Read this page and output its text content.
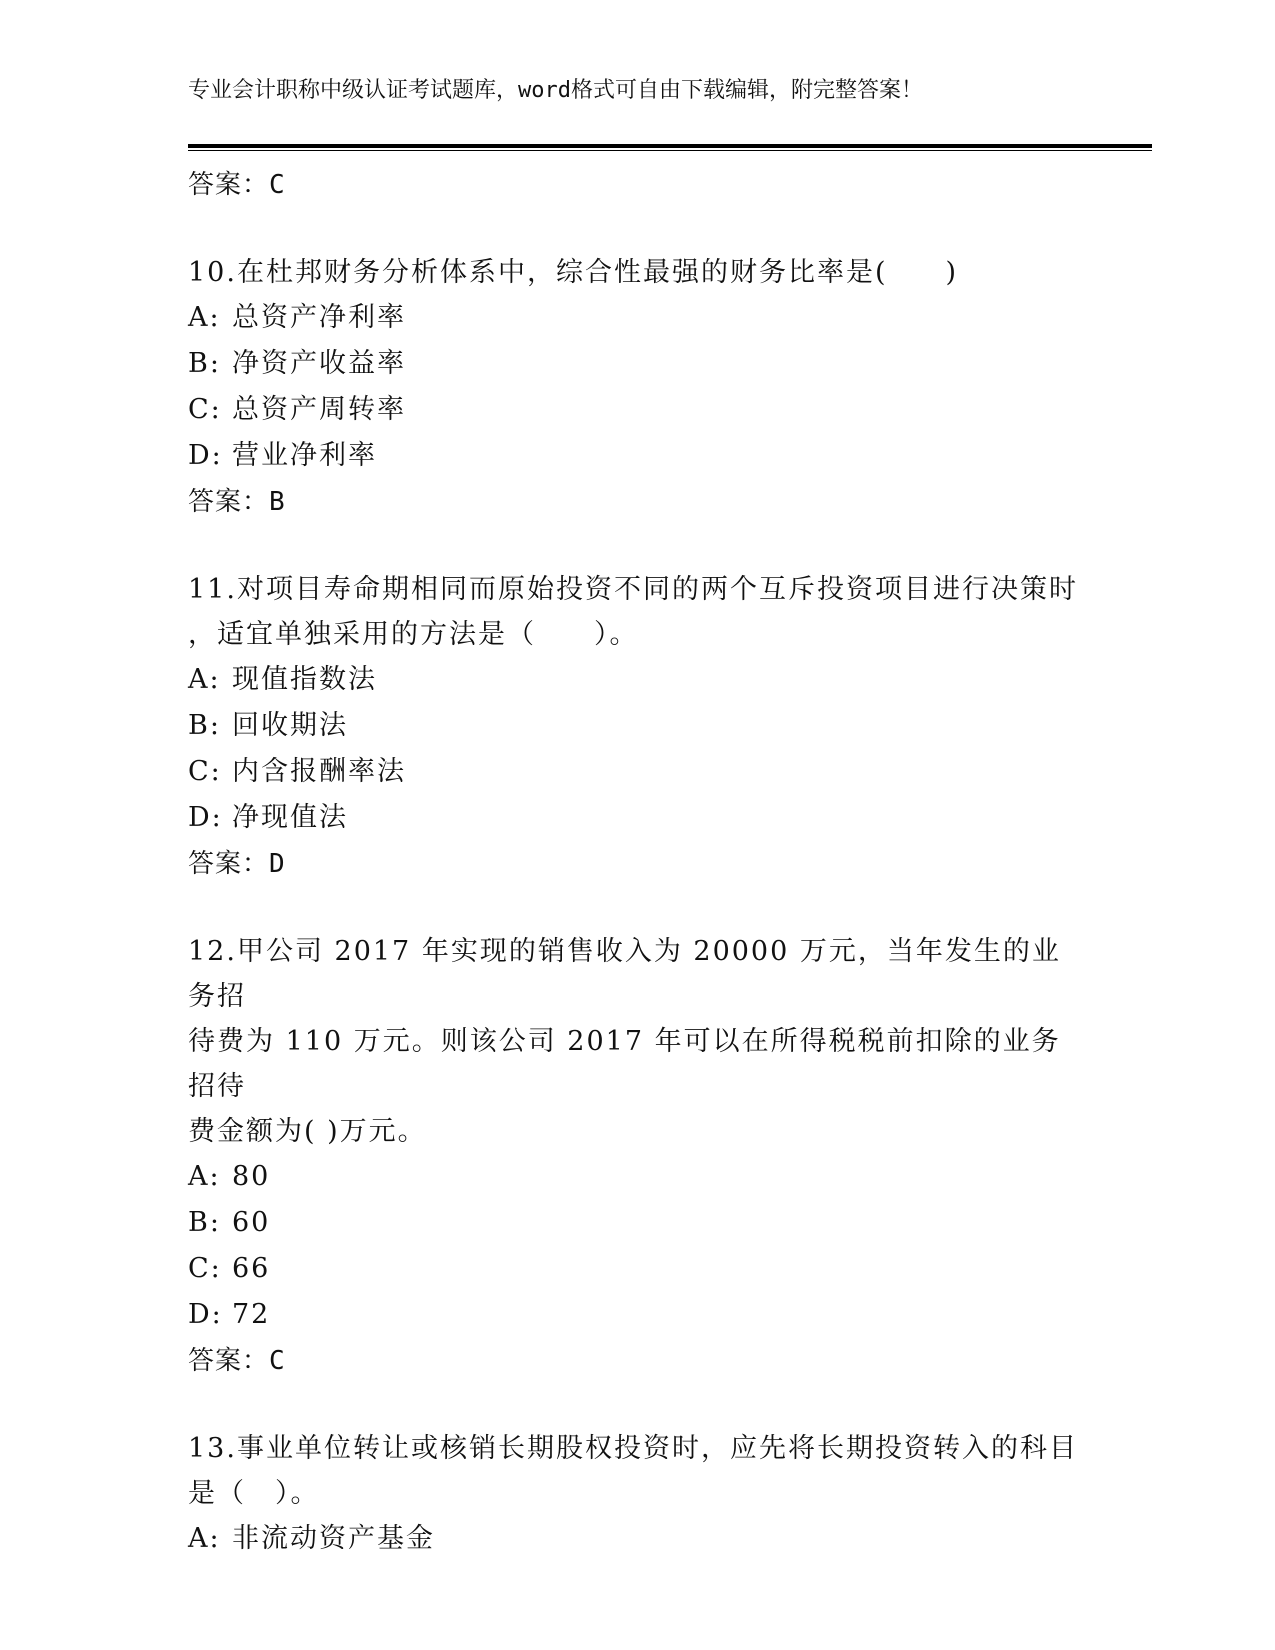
专业会计职称中级认证考试题库，word格式可自由下载编辑，附完整答案！
答案：C
10.在杜邦财务分析体系中，综合性最强的财务比率是(　　)
A: 总资产净利率
B: 净资产收益率
C: 总资产周转率
D: 营业净利率
答案：B
11.对项目寿命期相同而原始投资不同的两个互斥投资项目进行决策时
，适宜单独采用的方法是（　　）。
A: 现值指数法
B: 回收期法
C: 内含报酬率法
D: 净现值法
答案：D
12.甲公司 2017 年实现的销售收入为 20000 万元，当年发生的业务招
待费为 110 万元。则该公司 2017 年可以在所得税税前扣除的业务招待
费金额为( )万元。
A: 80
B: 60
C: 66
D: 72
答案：C
13.事业单位转让或核销长期股权投资时，应先将长期投资转入的科目
是（　）。
A: 非流动资产基金
